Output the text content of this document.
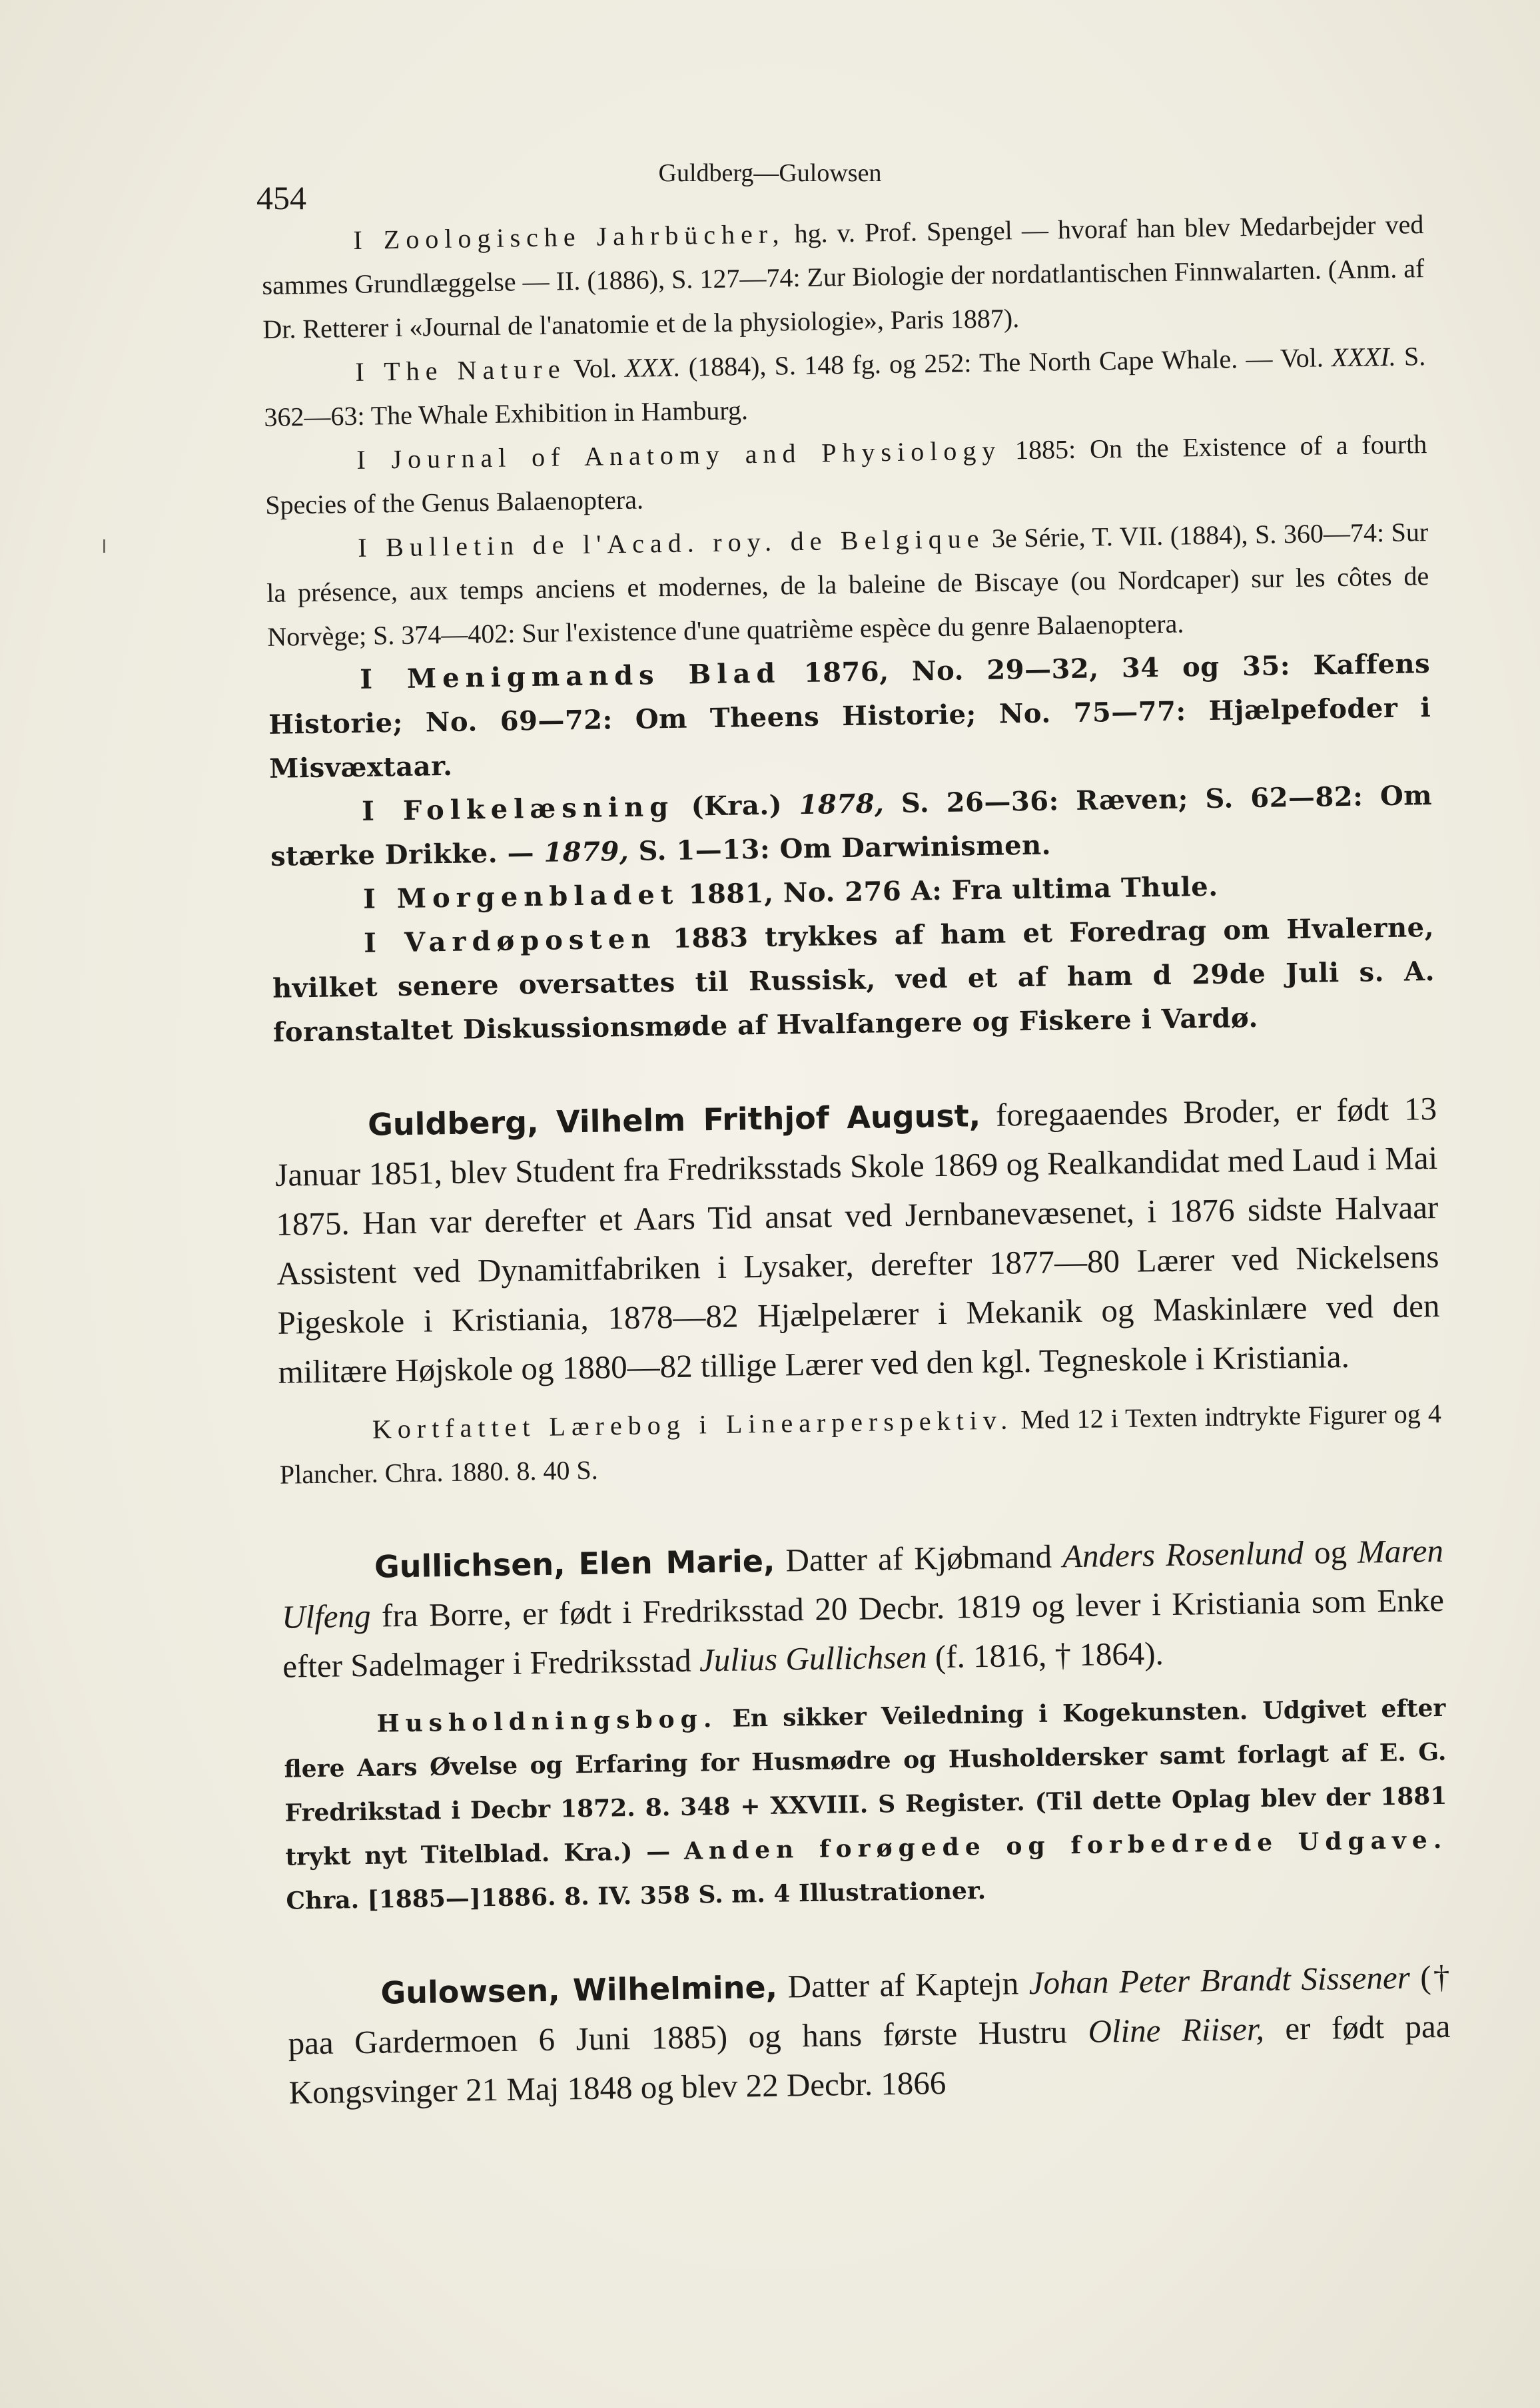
454
Guldberg—Gulowsen

I Zoologische Jahrbücher, hg. v. Prof. Spengel — hvoraf han blev Medarbejder ved sammes Grundlæggelse — II. (1886), S. 127—74: Zur Biologie der nordatlantischen Finnwalarten. (Anm. af Dr. Retterer i «Journal de l'anatomie et de la physiologie», Paris 1887).

I The Nature Vol. XXX. (1884), S. 148 fg. og 252: The North Cape Whale. — Vol. XXXI. S. 362—63: The Whale Exhibition in Hamburg.

I Journal of Anatomy and Physiology 1885: On the Existence of a fourth Species of the Genus Balaenoptera.

I Bulletin de l'Acad. roy. de Belgique 3e Série, T. VII. (1884), S. 360—74: Sur la présence, aux temps anciens et modernes, de la baleine de Biscaye (ou Nordcaper) sur les côtes de Norvège; S. 374—402: Sur l'existence d'une quatrième espèce du genre Balaenoptera.

I Menigmands Blad 1876, No. 29—32, 34 og 35: Kaffens Historie; No. 69—72: Om Theens Historie; No. 75—77: Hjælpefoder i Misvæxtaar.

I Folkelæsning (Kra.) 1878, S. 26—36: Ræven; S. 62—82: Om stærke Drikke. — 1879, S. 1—13: Om Darwinismen.

I Morgenbladet 1881, No. 276 A: Fra ultima Thule.

I Vardøposten 1883 trykkes af ham et Foredrag om Hvalerne, hvilket senere oversattes til Russisk, ved et af ham d 29de Juli s. A. foranstaltet Diskussionsmøde af Hvalfangere og Fiskere i Vardø.

Guldberg, Vilhelm Frithjof August, foregaaendes Broder, er født 13 Januar 1851, blev Student fra Fredriksstads Skole 1869 og Realkandidat med Laud i Mai 1875. Han var derefter et Aars Tid ansat ved Jernbanevæsenet, i 1876 sidste Halvaar Assistent ved Dynamitfabriken i Lysaker, derefter 1877—80 Lærer ved Nickelsens Pigeskole i Kristiania, 1878—82 Hjælpelærer i Mekanik og Maskinlære ved den militære Højskole og 1880—82 tillige Lærer ved den kgl. Tegneskole i Kristiania.

Kortfattet Lærebog i Linearperspektiv. Med 12 i Texten indtrykte Figurer og 4 Plancher. Chra. 1880. 8. 40 S.

Gullichsen, Elen Marie, Datter af Kjøbmand Anders Rosenlund og Maren Ulfeng fra Borre, er født i Fredriksstad 20 Decbr. 1819 og lever i Kristiania som Enke efter Sadelmager i Fredriksstad Julius Gullichsen (f. 1816, † 1864).

Husholdningsbog. En sikker Veiledning i Kogekunsten. Udgivet efter flere Aars Øvelse og Erfaring for Husmødre og Husholdersker samt forlagt af E. G. Fredrikstad i Decbr 1872. 8. 348 + XXVIII. S Register. (Til dette Oplag blev der 1881 trykt nyt Titelblad. Kra.) — Anden forøgede og forbedrede Udgave. Chra. [1885—]1886. 8. IV. 358 S. m. 4 Illustrationer.

Gulowsen, Wilhelmine, Datter af Kaptejn Johan Peter Brandt Sissener († paa Gardermoen 6 Juni 1885) og hans første Hustru Oline Riiser, er født paa Kongsvinger 21 Maj 1848 og blev 22 Decbr. 1866
